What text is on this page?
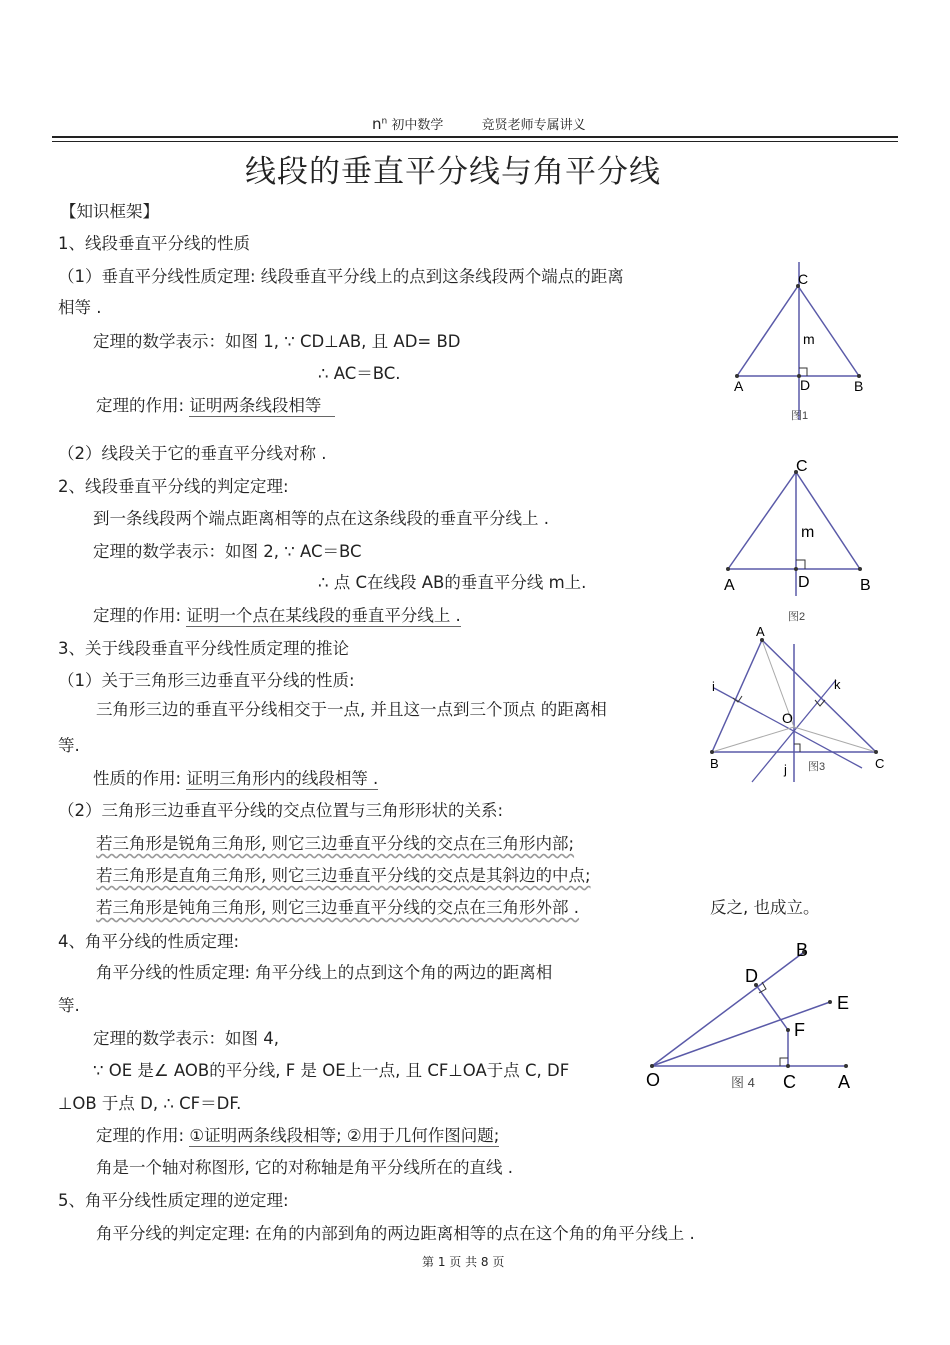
$n^n$ 初中数学	竞贤老师专属讲义
线段的垂直平分线与角平分线
【知识框架】
1、线段垂直平分线的性质
（1）垂直平分线性质定理: 线段垂直平分线上的点到这条线段两个端点的距离
相等 .
定理的数学表示：如图 1, ∵ CD⊥AB, 且 AD= BD
∴ AC＝BC.
定理的作用: 证明两条线段相等
（2）线段关于它的垂直平分线对称 .
2、线段垂直平分线的判定定理:
到一条线段两个端点距离相等的点在这条线段的垂直平分线上 .
定理的数学表示：如图 2, ∵ AC＝BC
∴ 点 C在线段 AB的垂直平分线 m上.
定理的作用: 证明一个点在某线段的垂直平分线上 .
3、关于线段垂直平分线性质定理的推论
（1）关于三角形三边垂直平分线的性质:
三角形三边的垂直平分线相交于一点, 并且这一点到三个顶点 的距离相
等.
性质的作用: 证明三角形内的线段相等 .
（2）三角形三边垂直平分线的交点位置与三角形形状的关系:
若三角形是锐角三角形, 则它三边垂直平分线的交点在三角形内部;
若三角形是直角三角形, 则它三边垂直平分线的交点是其斜边的中点;
若三角形是钝角三角形, 则它三边垂直平分线的交点在三角形外部 .	反之, 也成立。
4、角平分线的性质定理:
角平分线的性质定理: 角平分线上的点到这个角的两边的距离相
等.
定理的数学表示：如图 4,
∵ OE 是∠ AOB的平分线, F 是 OE上一点, 且 CF⊥OA于点 C, DF
⊥OB 于点 D, ∴ CF＝DF.
定理的作用: ①证明两条线段相等; ②用于几何作图问题;
角是一个轴对称图形, 它的对称轴是角平分线所在的直线 .
5、角平分线性质定理的逆定理:
角平分线的判定定理: 在角的内部到角的两边距离相等的点在这个角的角平分线上 .
第 1 页 共 8 页
C
m
A	D	B
图1
C
m
A	D	B
图2
A
i	k
O
B	j 图3	C
B
D
E
F
O	图 4 C A
